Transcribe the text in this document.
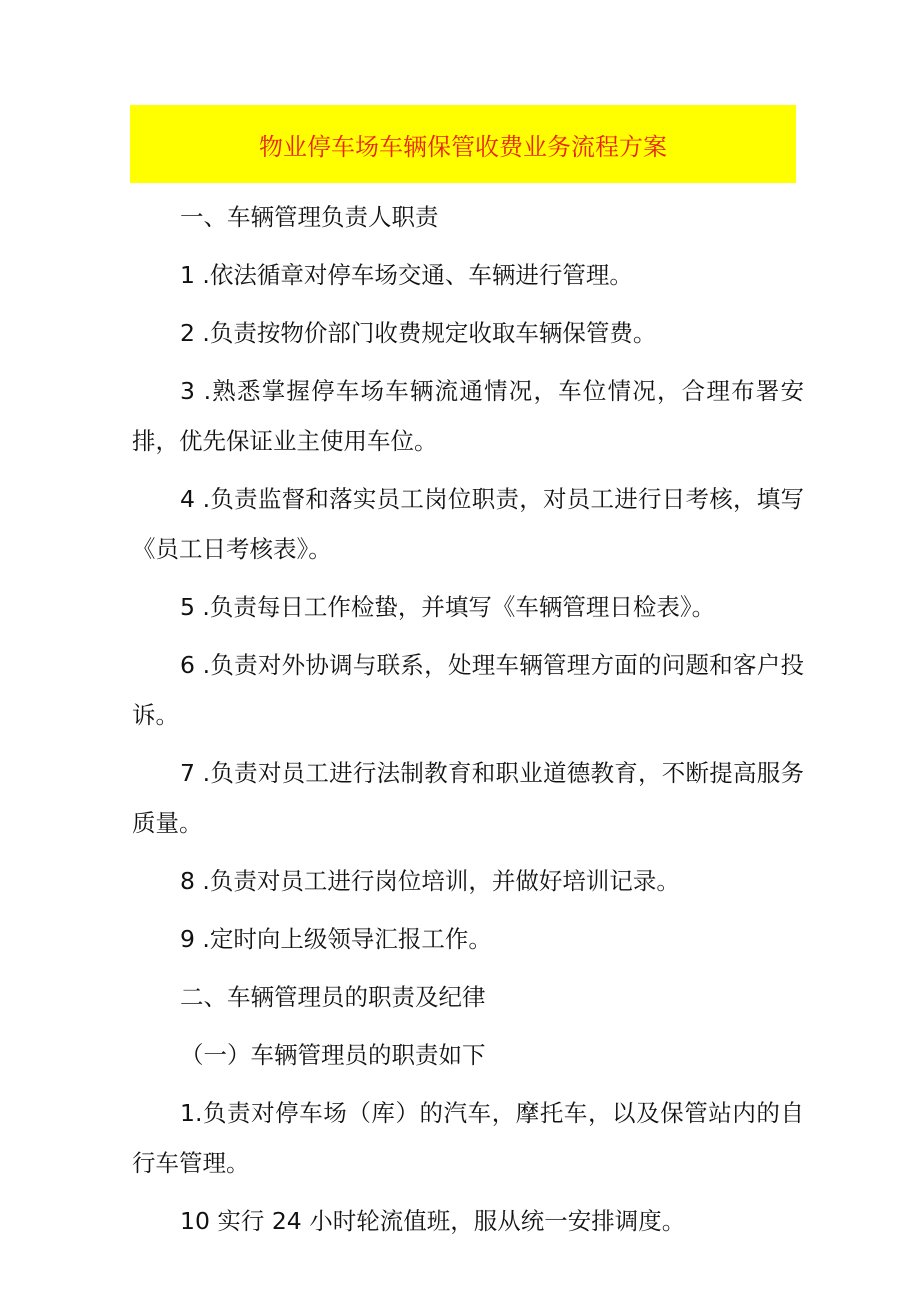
物业停车场车辆保管收费业务流程方案

一、车辆管理负责人职责

1 .依法循章对停车场交通、车辆进行管理。

2 .负责按物价部门收费规定收取车辆保管费。

3 .熟悉掌握停车场车辆流通情况，车位情况，合理布署安排，优先保证业主使用车位。

4 .负责监督和落实员工岗位职责，对员工进行日考核，填写《员工日考核表》。

5 .负责每日工作检蛰，并填写《车辆管理日检表》。

6 .负责对外协调与联系，处理车辆管理方面的问题和客户投诉。

7 .负责对员工进行法制教育和职业道德教育，不断提高服务质量。

8 .负责对员工进行岗位培训，并做好培训记录。

9 .定时向上级领导汇报工作。

二、车辆管理员的职责及纪律

（一）车辆管理员的职责如下

1.负责对停车场（库）的汽车，摩托车，以及保管站内的自行车管理。

10 实行 24 小时轮流值班，服从统一安排调度。
